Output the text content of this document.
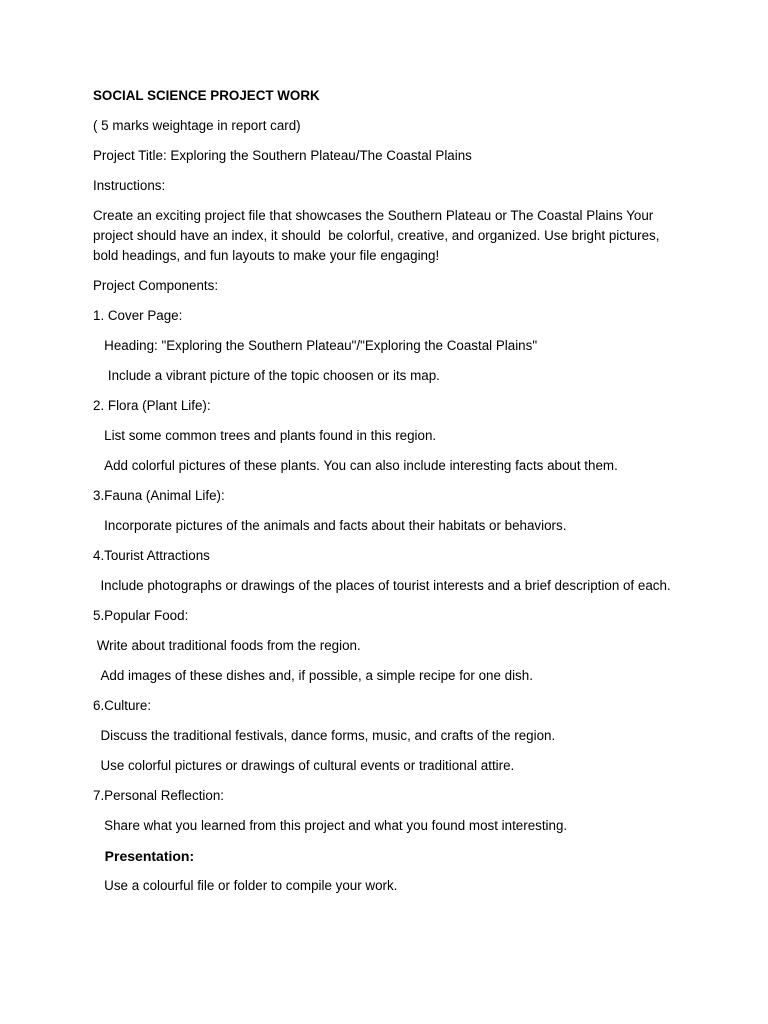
SOCIAL SCIENCE PROJECT WORK

( 5 marks weightage in report card)

Project Title: Exploring the Southern Plateau/The Coastal Plains

Instructions:

Create an exciting project file that showcases the Southern Plateau or The Coastal Plains Your project should have an index, it should  be colorful, creative, and organized. Use bright pictures, bold headings, and fun layouts to make your file engaging!

Project Components:

1. Cover Page:

Heading: "Exploring the Southern Plateau"/"Exploring the Coastal Plains"

Include a vibrant picture of the topic choosen or its map.

2. Flora (Plant Life):

List some common trees and plants found in this region.

Add colorful pictures of these plants. You can also include interesting facts about them.

3.Fauna (Animal Life):

Incorporate pictures of the animals and facts about their habitats or behaviors.

4.Tourist Attractions

Include photographs or drawings of the places of tourist interests and a brief description of each.

5.Popular Food:

Write about traditional foods from the region.

Add images of these dishes and, if possible, a simple recipe for one dish.

6.Culture:

Discuss the traditional festivals, dance forms, music, and crafts of the region.

Use colorful pictures or drawings of cultural events or traditional attire.

7.Personal Reflection:

Share what you learned from this project and what you found most interesting.

Presentation:

Use a colourful file or folder to compile your work.
